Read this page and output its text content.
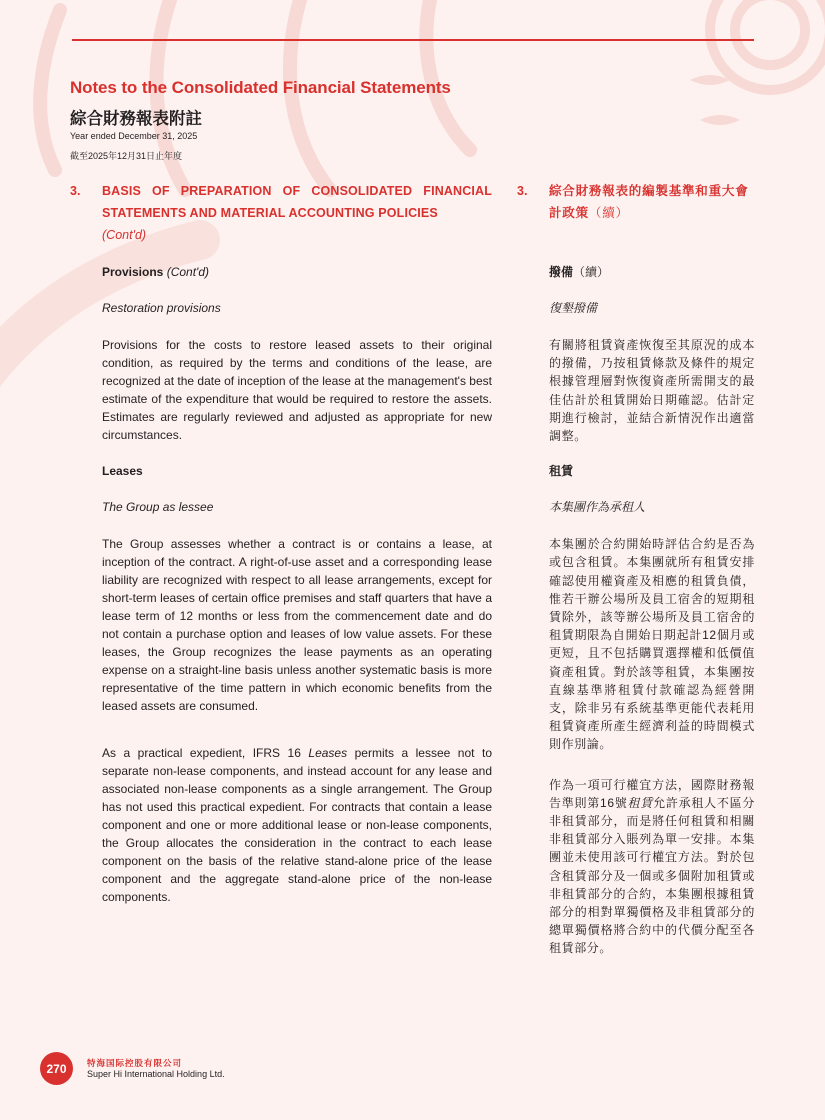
Notes to the Consolidated Financial Statements
綜合財務報表附註
Year ended December 31, 2025
截至2025年12月31日止年度
3.	BASIS OF PREPARATION OF CONSOLIDATED FINANCIAL STATEMENTS AND MATERIAL ACCOUNTING POLICIES
(Cont'd)
Provisions (Cont'd)
Restoration provisions
Provisions for the costs to restore leased assets to their original condition, as required by the terms and conditions of the lease, are recognized at the date of inception of the lease at the management's best estimate of the expenditure that would be required to restore the assets. Estimates are regularly reviewed and adjusted as appropriate for new circumstances.
Leases
The Group as lessee
The Group assesses whether a contract is or contains a lease, at inception of the contract. A right-of-use asset and a corresponding lease liability are recognized with respect to all lease arrangements, except for short-term leases of certain office premises and staff quarters that have a lease term of 12 months or less from the commencement date and do not contain a purchase option and leases of low value assets. For these leases, the Group recognizes the lease payments as an operating expense on a straight-line basis unless another systematic basis is more representative of the time pattern in which economic benefits from the leased assets are consumed.
As a practical expedient, IFRS 16 Leases permits a lessee not to separate non-lease components, and instead account for any lease and associated non-lease components as a single arrangement. The Group has not used this practical expedient. For contracts that contain a lease component and one or more additional lease or non-lease components, the Group allocates the consideration in the contract to each lease component on the basis of the relative stand-alone price of the lease component and the aggregate stand-alone price of the non-lease components.
3.	綜合財務報表的編製基準和重大會計政策（續）
撥備（續）
復墾撥備
有關將租賃資產恢復至其原況的成本的撥備，乃按租賃條款及條件的規定根據管理層對恢復資產所需開支的最佳估計於租賃開始日期確認。估計定期進行檢討，並結合新情況作出適當調整。
租賃
本集團作為承租人
本集團於合約開始時評估合約是否為或包含租賃。本集團就所有租賃安排確認使用權資產及相應的租賃負債，惟若干辦公場所及員工宿舍的短期租賃除外，該等辦公場所及員工宿舍的租賃期限為自開始日期起計12個月或更短，且不包括購買選擇權和低價值資產租賃。對於該等租賃，本集團按直線基準將租賃付款確認為經營開支，除非另有系統基準更能代表耗用租賃資產所產生經濟利益的時間模式則作別論。
作為一項可行權宜方法，國際財務報告準則第16號租賃允許承租人不區分非租賃部分，而是將任何租賃和相關非租賃部分入賬列為單一安排。本集團並未使用該可行權宜方法。對於包含租賃部分及一個或多個附加租賃或非租賃部分的合約，本集團根據租賃部分的相對單獨價格及非租賃部分的總單獨價格將合約中的代價分配至各租賃部分。
270 特海国际控股有限公司
Super Hi International Holding Ltd.
